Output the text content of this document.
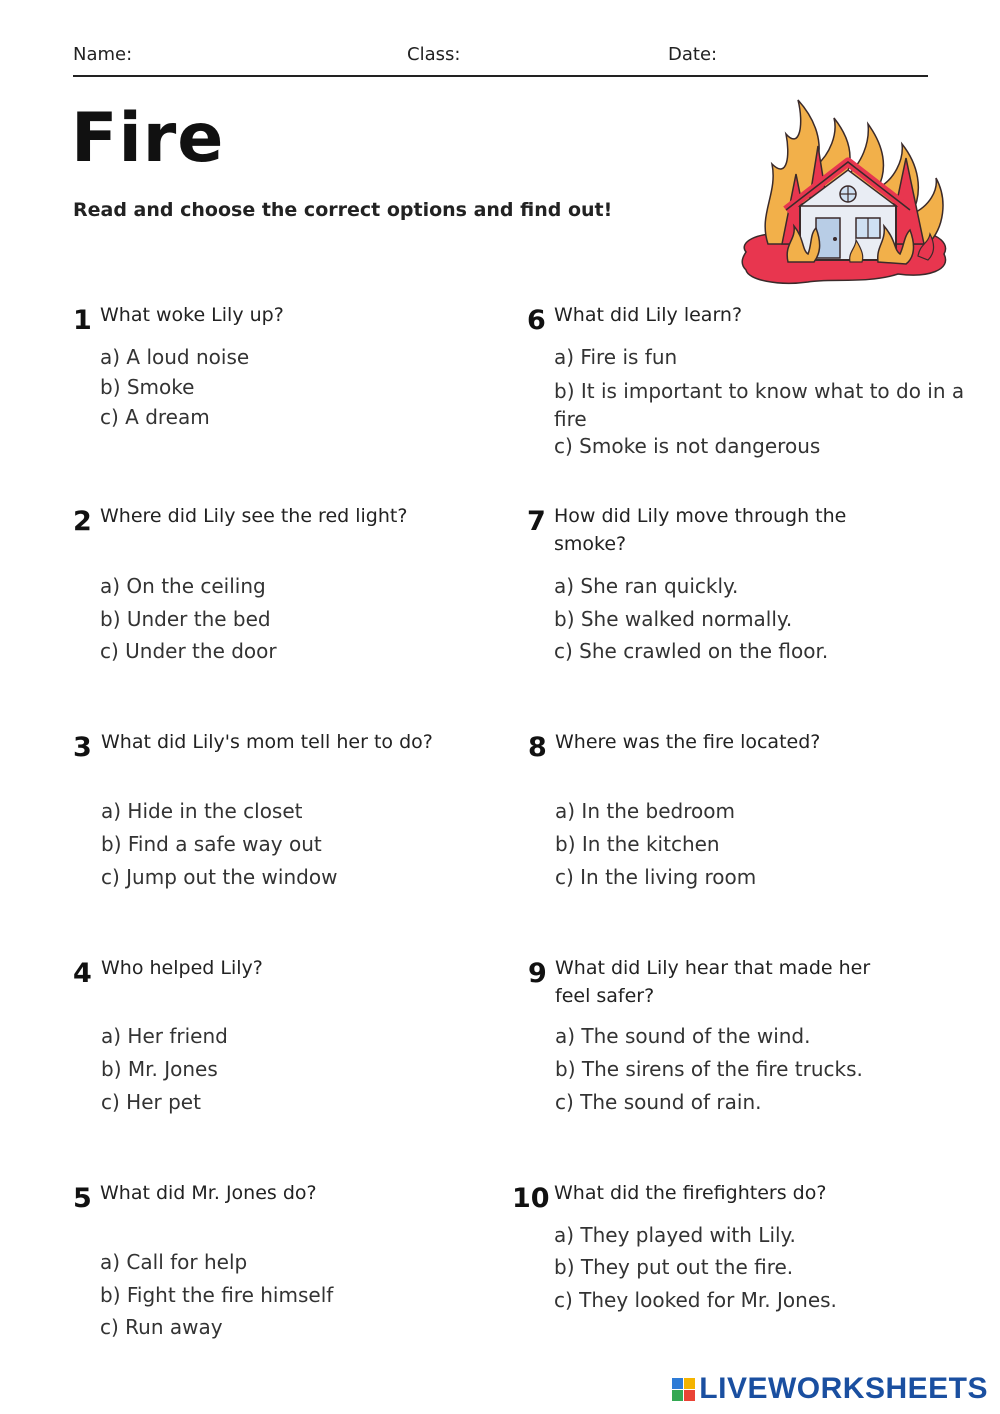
Name:	Class:	Date:
Fire
Read and choose the correct options and find out!
1 What woke Lily up?
a) A loud noise
b) Smoke
c) A dream
2 Where did Lily see the red light?
a) On the ceiling
b) Under the bed
c) Under the door
3 What did Lily's mom tell her to do?
a) Hide in the closet
b) Find a safe way out
c) Jump out the window
4 Who helped Lily?
a) Her friend
b) Mr. Jones
c) Her pet
5 What did Mr. Jones do?
a) Call for help
b) Fight the fire himself
c) Run away
6 What did Lily learn?
a) Fire is fun
b) It is important to know what to do in a fire
c) Smoke is not dangerous
7 How did Lily move through the smoke?
a) She ran quickly.
b) She walked normally.
c) She crawled on the floor.
8 Where was the fire located?
a) In the bedroom
b) In the kitchen
c) In the living room
9 What did Lily hear that made her feel safer?
a) The sound of the wind.
b) The sirens of the fire trucks.
c) The sound of rain.
10 What did the firefighters do?
a) They played with Lily.
b) They put out the fire.
c) They looked for Mr. Jones.
LIVEWORKSHEETS
